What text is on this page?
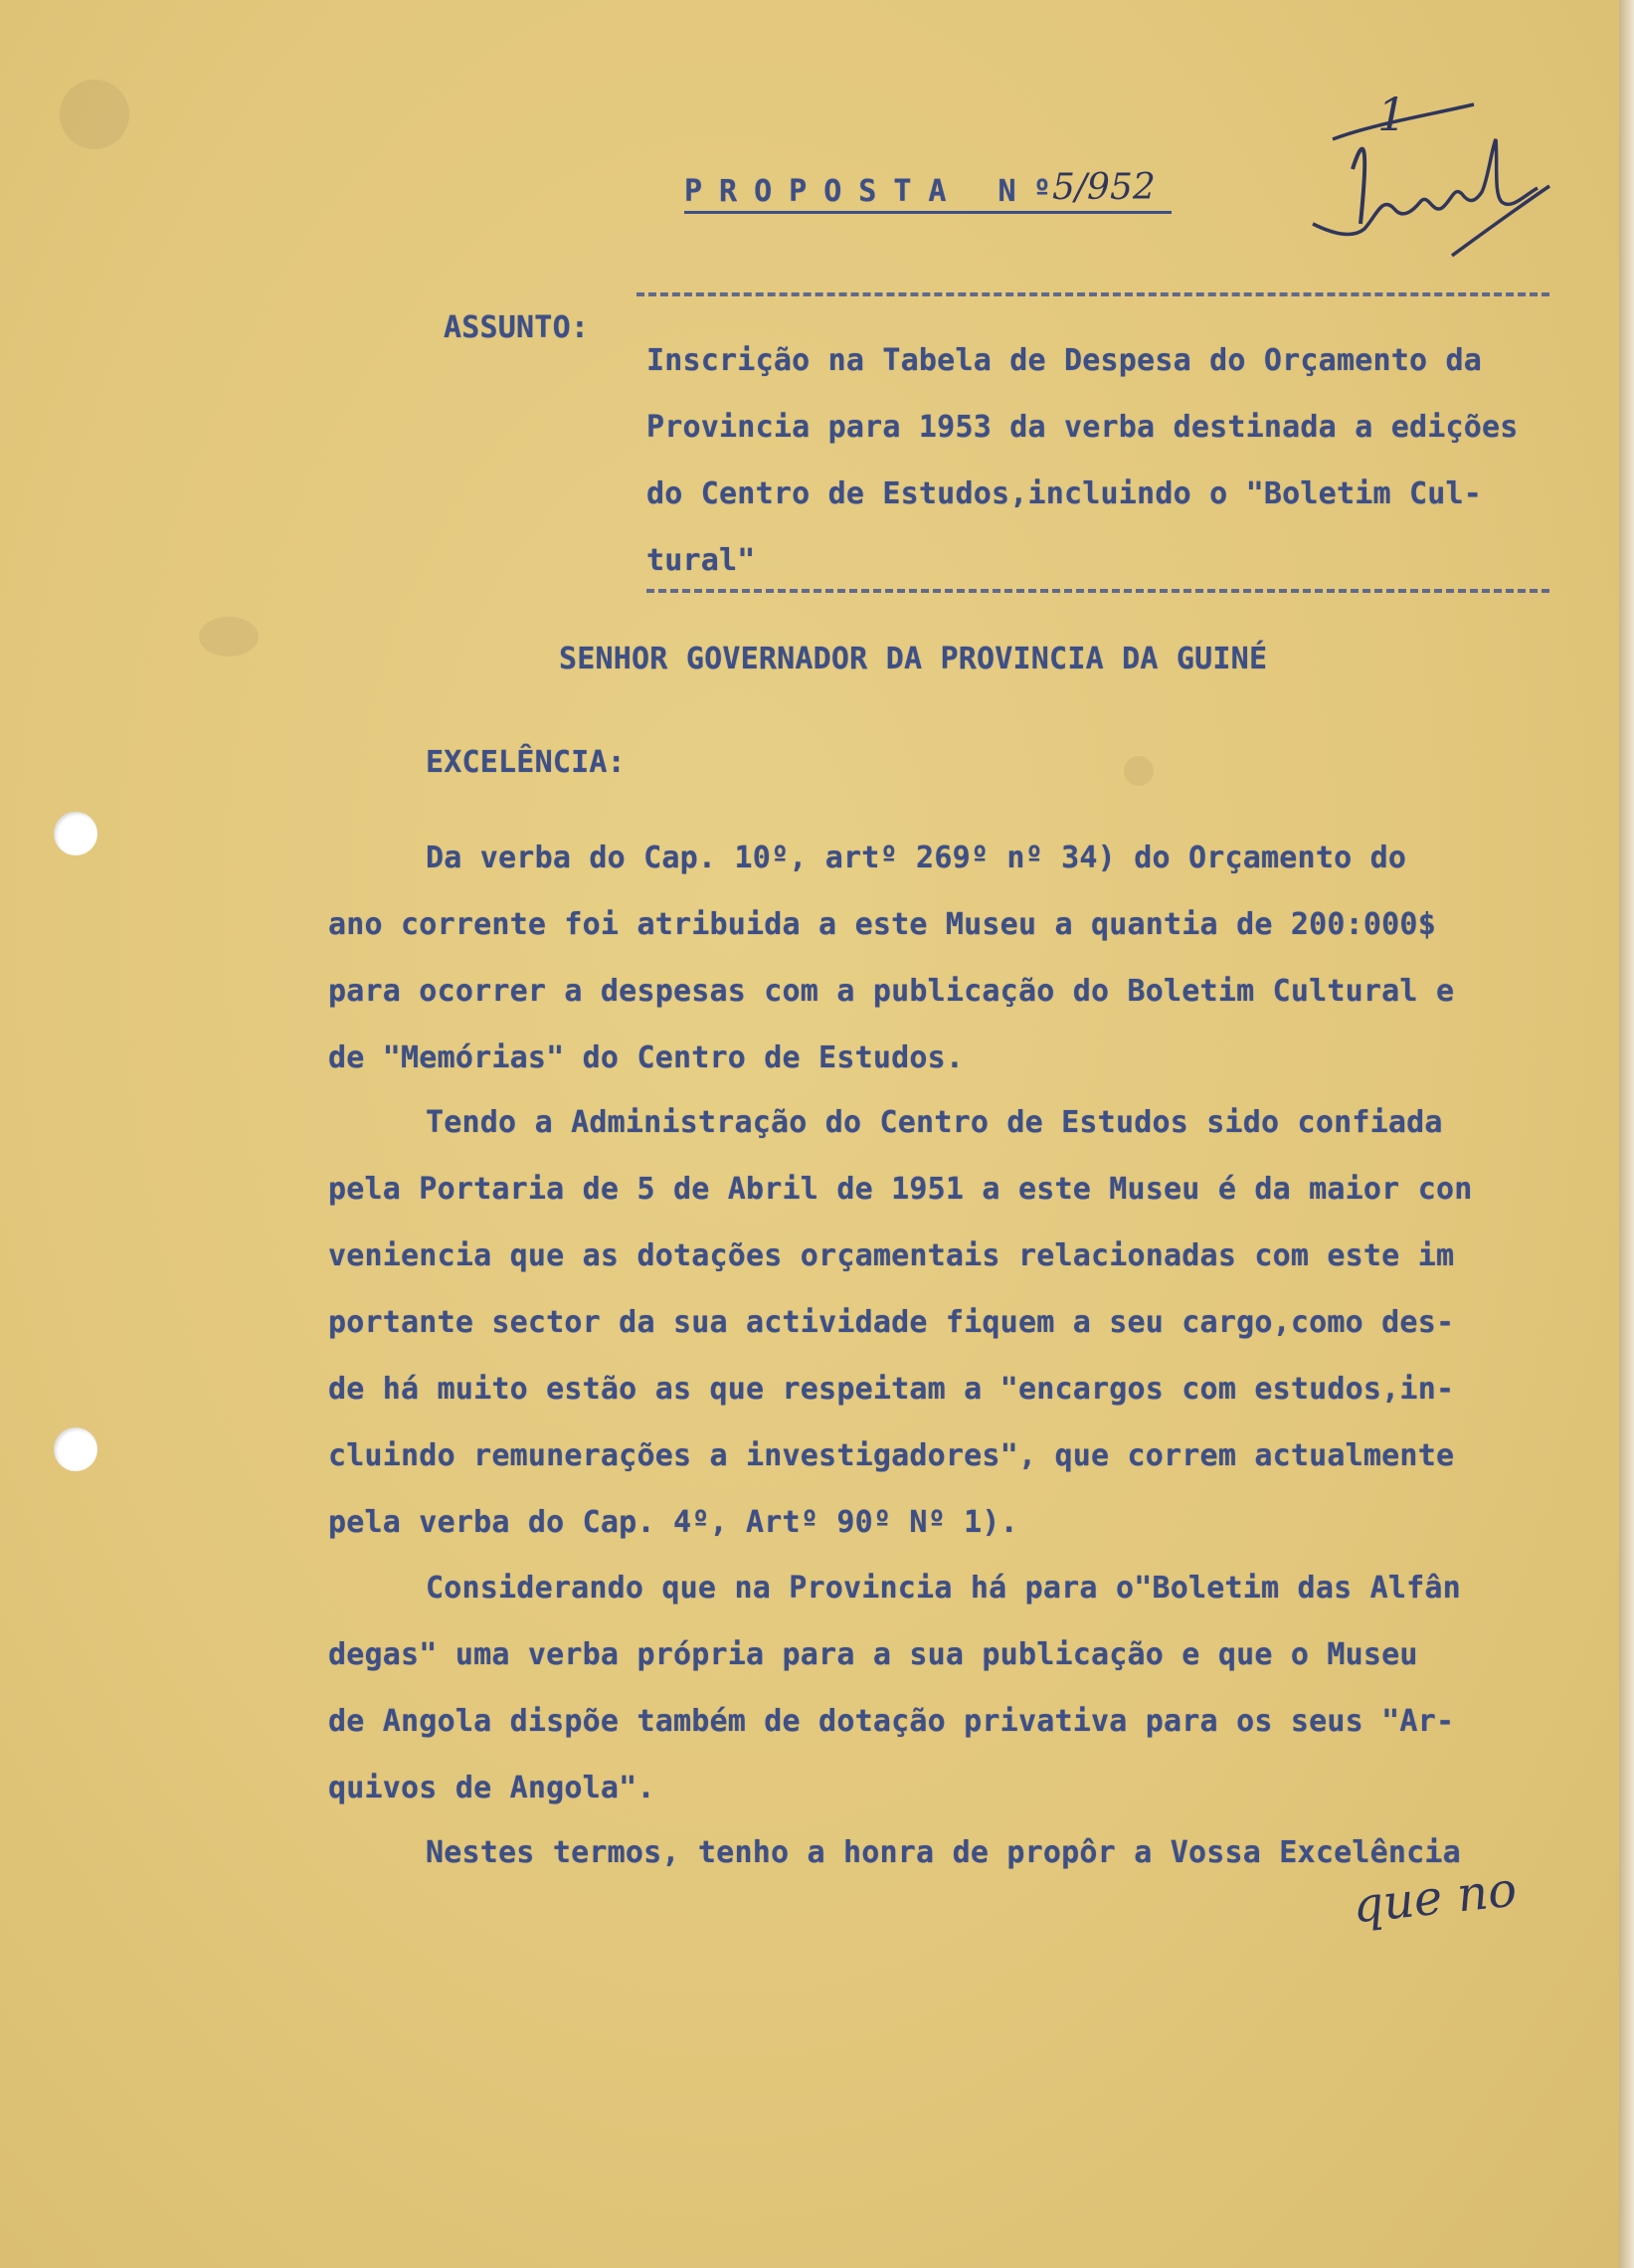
PROPOSTA Nº
5/952
1
ASSUNTO:
Inscrição na Tabela de Despesa do Orçamento da
Provincia para 1953 da verba destinada a edições
do Centro de Estudos,incluindo o "Boletim Cul-
tural"
SENHOR GOVERNADOR DA PROVINCIA DA GUINÉ
EXCELÊNCIA:
Da verba do Cap. 10º, artº 269º nº 34) do Orçamento do
ano corrente foi atribuida a este Museu a quantia de 200:000$
para ocorrer a despesas com a publicação do Boletim Cultural e
de "Memórias" do Centro de Estudos.
Tendo a Administração do Centro de Estudos sido confiada
pela Portaria de 5 de Abril de 1951 a este Museu é da maior con
veniencia que as dotações orçamentais relacionadas com este im
portante sector da sua actividade fiquem a seu cargo,como des-
de há muito estão as que respeitam a "encargos com estudos,in-
cluindo remunerações a investigadores", que correm actualmente
pela verba do Cap. 4º, Artº 90º Nº 1).
Considerando que na Provincia há para o"Boletim das Alfân
degas" uma verba própria para a sua publicação e que o Museu
de Angola dispõe também de dotação privativa para os seus "Ar-
quivos de Angola".
Nestes termos, tenho a honra de propôr a Vossa Excelência
que no
